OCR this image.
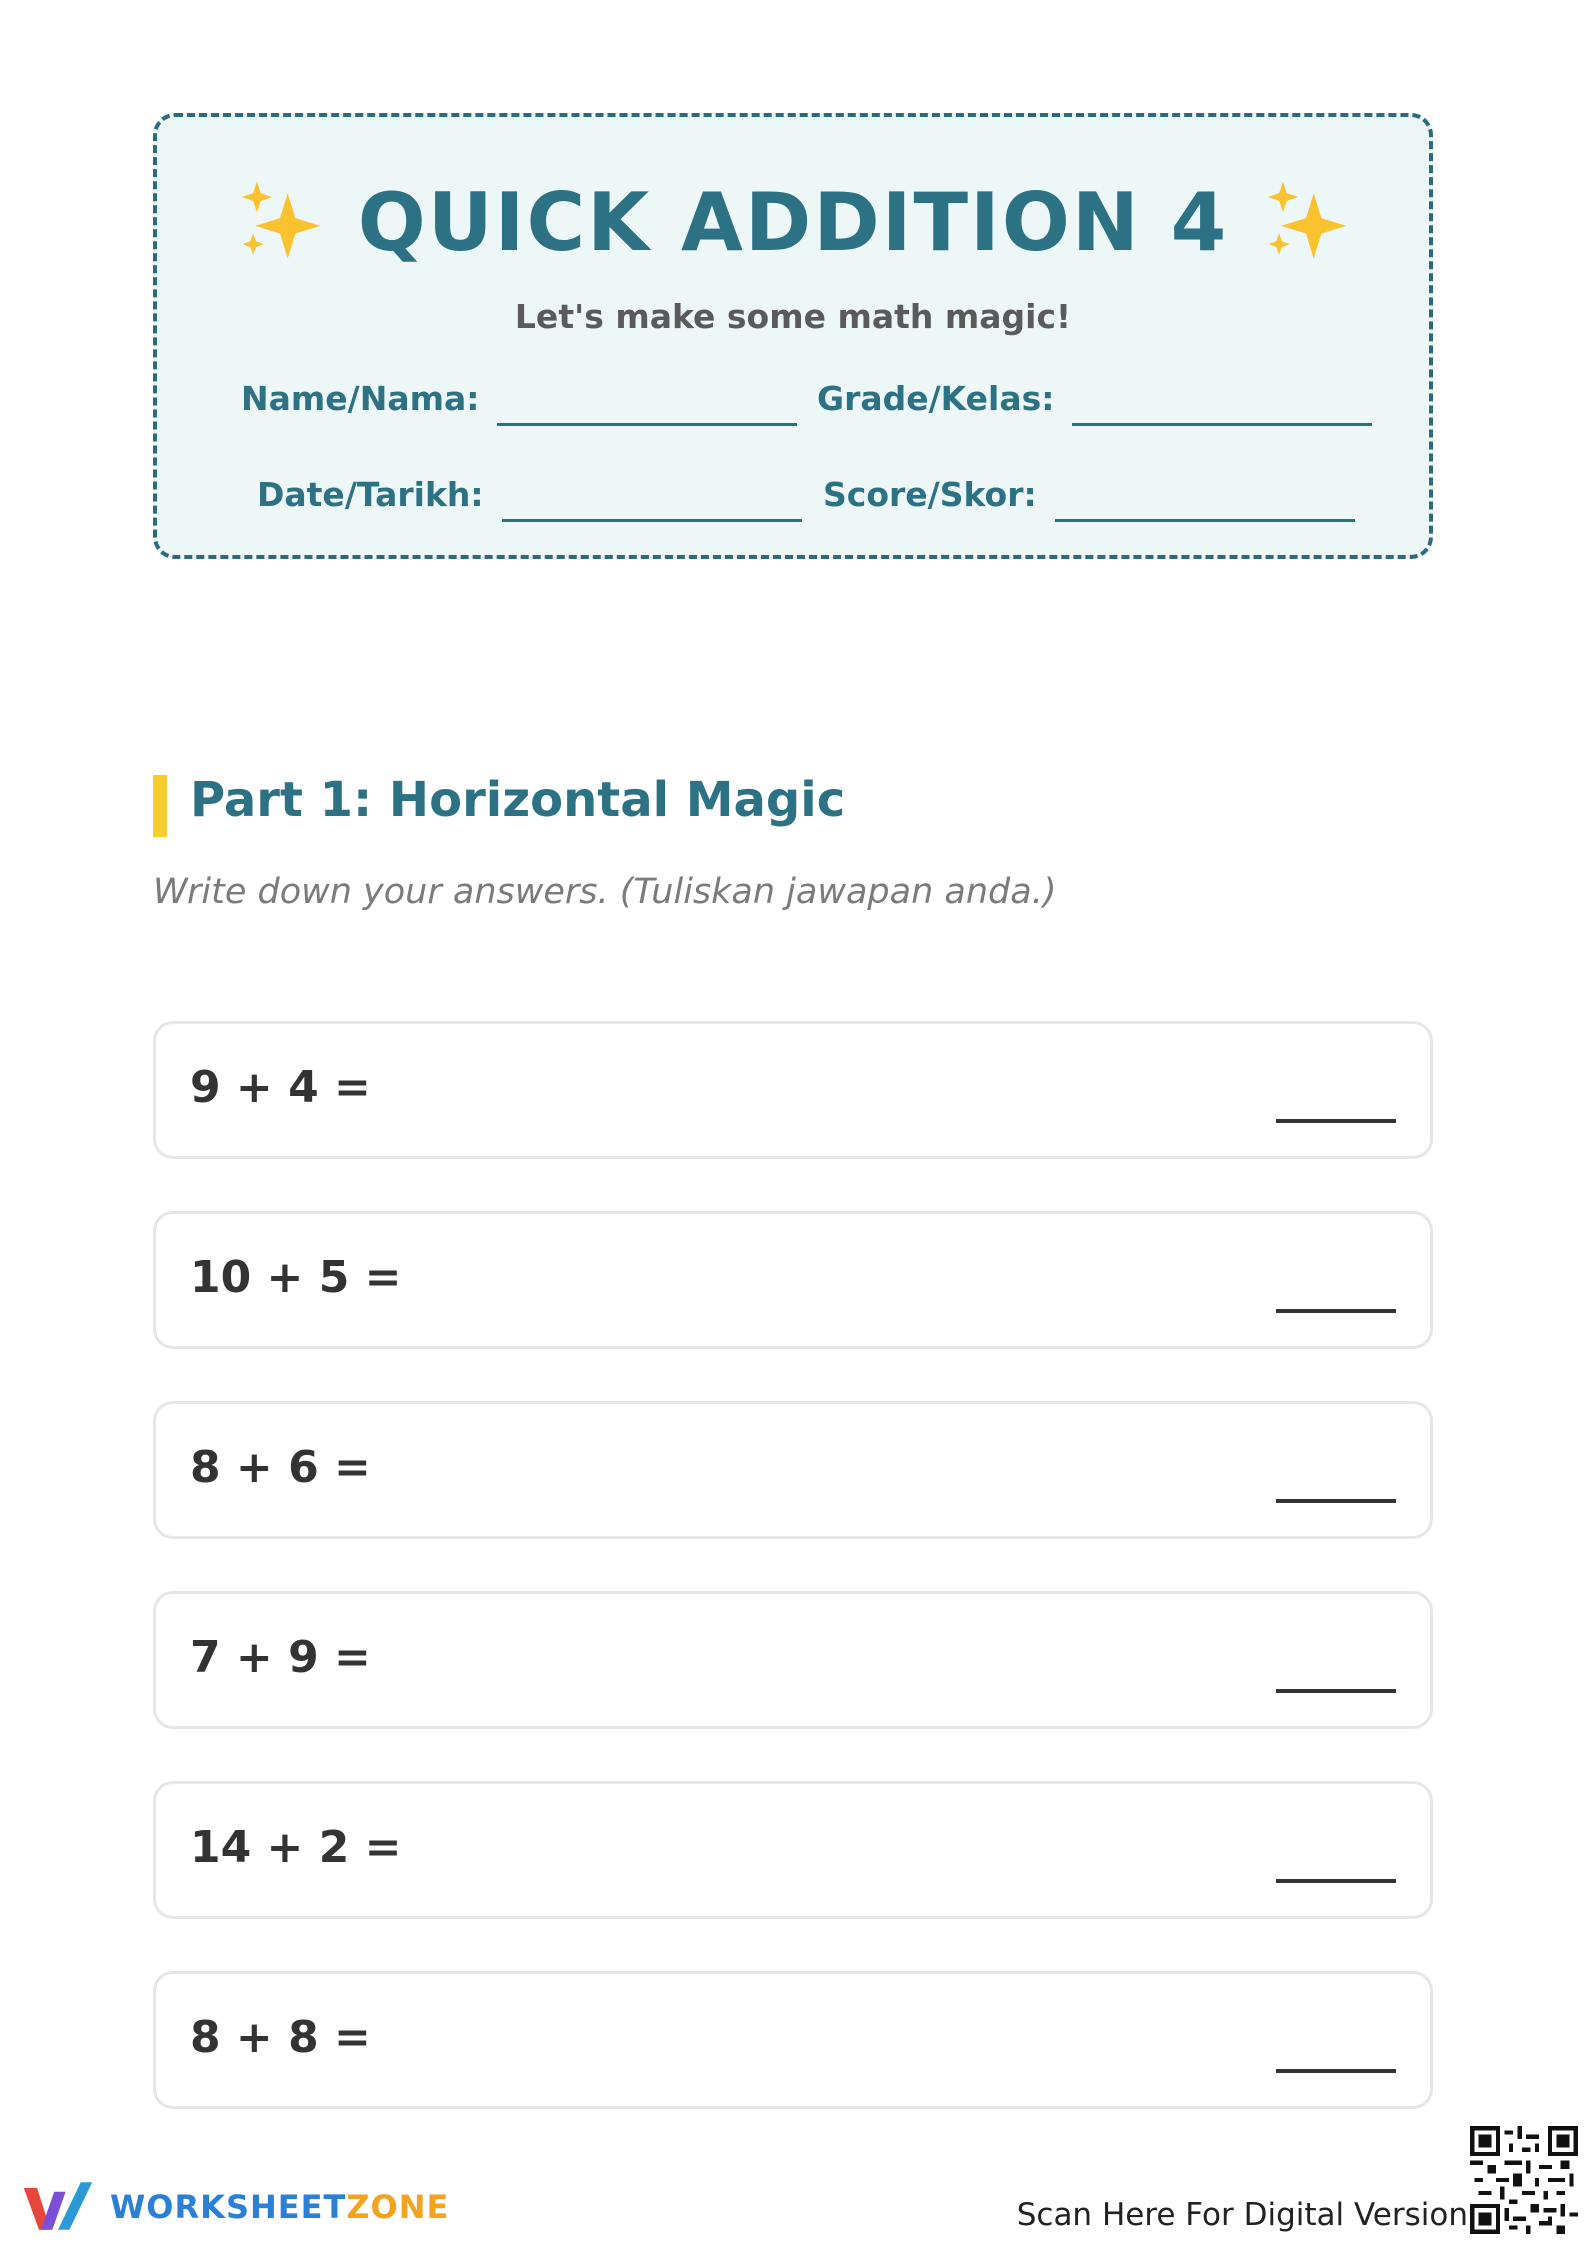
QUICK ADDITION 4
Let's make some math magic!
Name/Nama:	Grade/Kelas:
Date/Tarikh:	Score/Skor:
Part 1: Horizontal Magic
Write down your answers. (Tuliskan jawapan anda.)
9 + 4 =
10 + 5 =
8 + 6 =
7 + 9 =
14 + 2 =
8 + 8 =
WORKSHEETZONE	Scan Here For Digital Version
